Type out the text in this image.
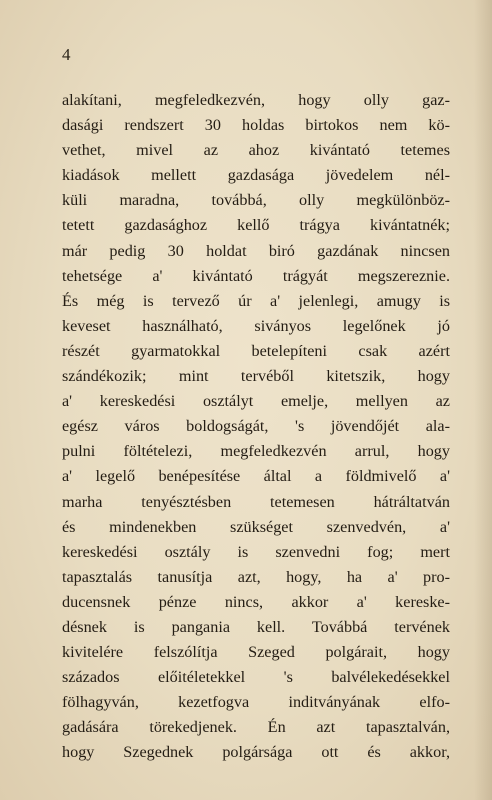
4
alakítani, megfeledkezvén, hogy olly gaz-
dasági rendszert 30 holdas birtokos nem kö-
vethet, mivel az ahoz kivántató tetemes
kiadások mellett gazdasága jövedelem nél-
küli maradna, továbbá, olly megkülönböz-
tetett gazdasághoz kellő trágya kivántatnék;
már pedig 30 holdat biró gazdának nincsen
tehetsége a' kivántató trágyát megszereznie.
És még is tervező úr a' jelenlegi, amugy is
keveset használható, siványos legelőnek jó
részét gyarmatokkal betelepíteni csak azért
szándékozik; mint tervéből kitetszik, hogy
a' kereskedési osztályt emelje, mellyen az
egész város boldogságát, 's jövendőjét ala-
pulni föltételezi, megfeledkezvén arrul, hogy
a' legelő benépesítése által a földmivelő a'
marha tenyésztésben tetemesen hátráltatván
és mindenekben szükséget szenvedvén, a'
kereskedési osztály is szenvedni fog; mert
tapasztalás tanusítja azt, hogy, ha a' pro-
ducensnek pénze nincs, akkor a' kereske-
désnek is pangania kell. Továbbá tervének
kivitelére felszólítja Szeged polgárait, hogy
százados előitéletekkel 's balvélekedésekkel
fölhagyván, kezetfogva inditványának elfo-
gadására törekedjenek. Én azt tapasztalván,
hogy Szegednek polgársága ott és akkor,
